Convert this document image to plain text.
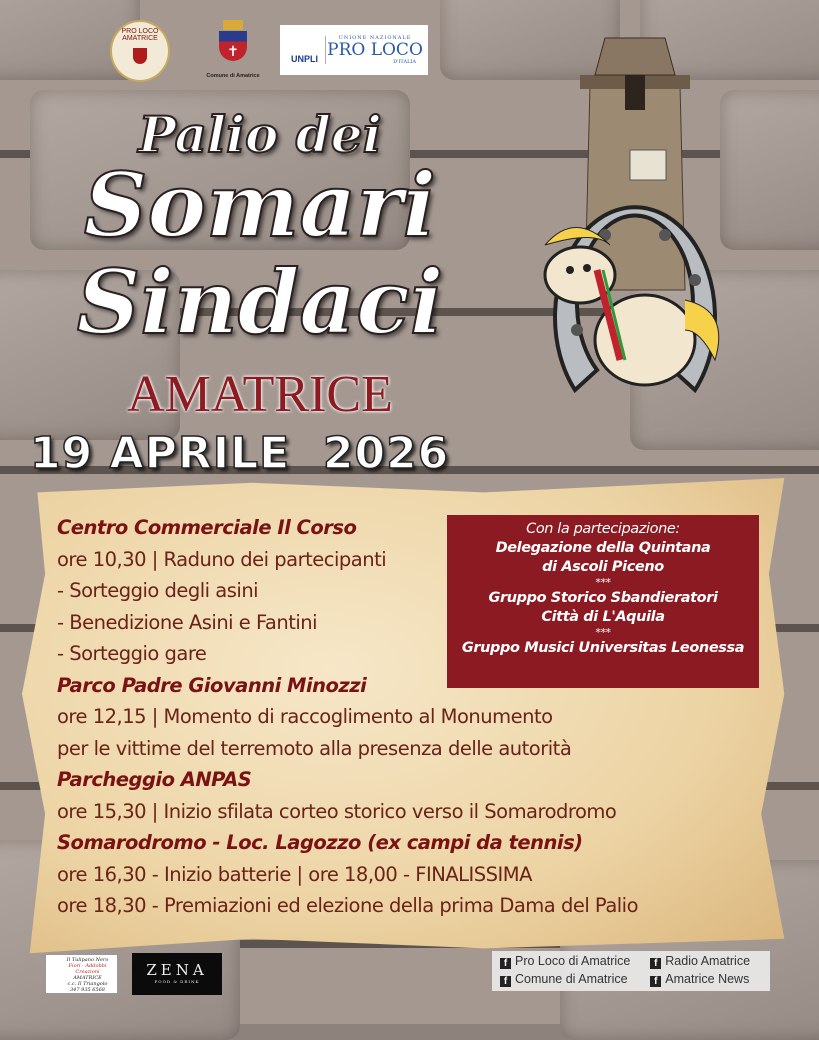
PRO LOCO AMATRICE
✝
Comune di Amatrice
UNPLI
UNIONE NAZIONALE
PRO LOCO
D'ITALIA
Palio dei
Somari
Sindaci
AMATRICE
19 APRILE  2026
Centro Commerciale Il Corso
ore 10,30 | Raduno dei partecipanti
- Sorteggio degli asini
- Benedizione Asini e Fantini
- Sorteggio gare
Parco Padre Giovanni Minozzi
ore 12,15 | Momento di raccoglimento al Monumento
per le vittime del terremoto alla presenza delle autorità
Parcheggio ANPAS
ore 15,30 | Inizio sfilata corteo storico verso il Somarodromo
Somarodromo - Loc. Lagozzo (ex campi da tennis)
ore 16,30 - Inizio batterie | ore 18,00 - FINALISSIMA
ore 18,30 - Premiazioni ed elezione della prima Dama del Palio
Con la partecipazione:
Delegazione della Quintana
di Ascoli Piceno
***
Gruppo Storico Sbandieratori
Città di L'Aquila
***
Gruppo Musici Universitas Leonessa
Il Tulipano Nero
Fiori - Addobbi
Creazioni
AMATRICE
c.c. Il Triangolo
347 935 6568
ZENA
FOOD & DRINK
f Pro Loco di Amatrice	f Radio Amatrice
f Comune di Amatrice	f Amatrice News
